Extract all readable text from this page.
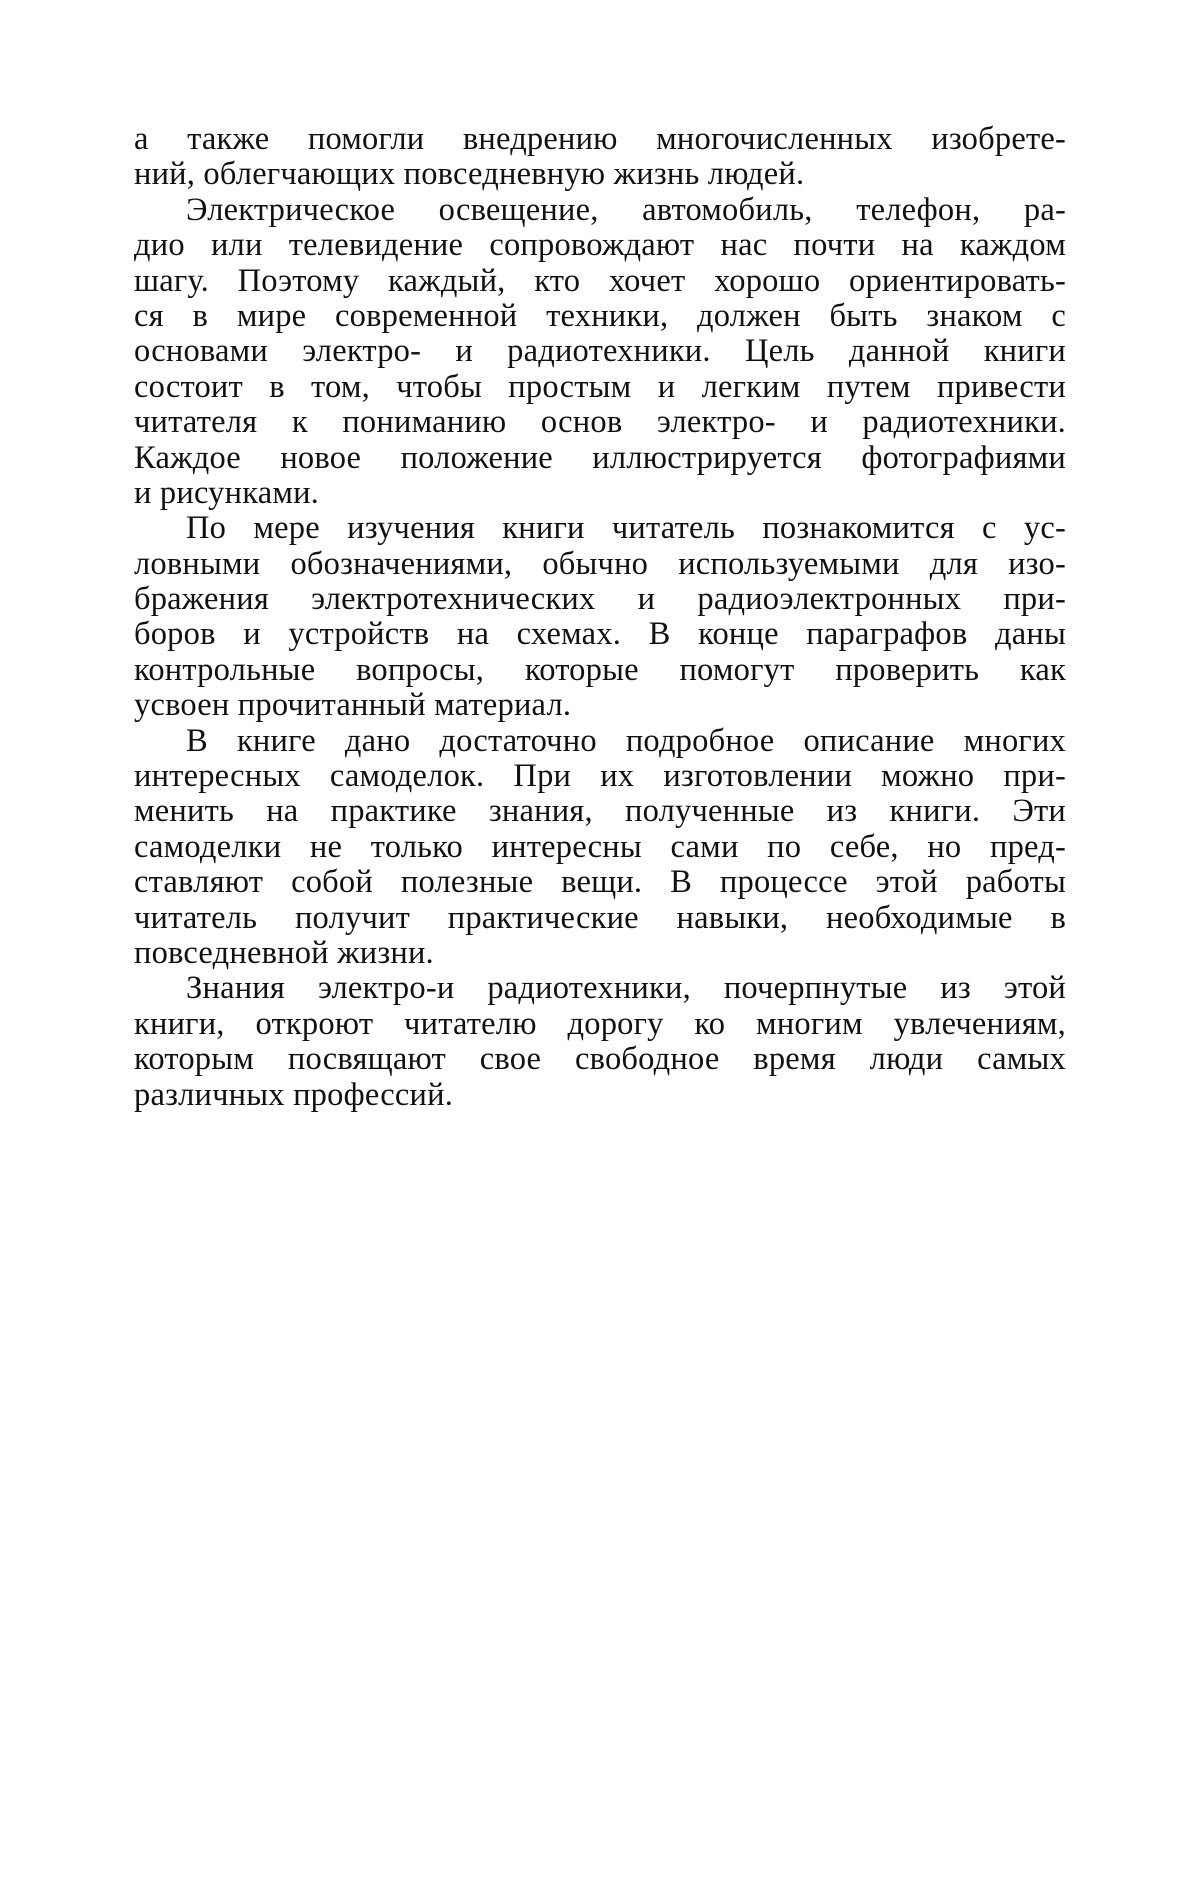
а также помогли внедрению многочисленных изобрете-
ний, облегчающих повседневную жизнь людей.

Электрическое освещение, автомобиль, телефон, ра-
дио или телевидение сопровождают нас почти на каждом
шагу. Поэтому каждый, кто хочет хорошо ориентировать-
ся в мире современной техники, должен быть знаком с
основами электро- и радиотехники. Цель данной книги
состоит в том, чтобы простым и легким путем привести
читателя к пониманию основ электро- и радиотехники.
Каждое новое положение иллюстрируется фотографиями
и рисунками.

По мере изучения книги читатель познакомится с ус-
ловными обозначениями, обычно используемыми для изо-
бражения электротехнических и радиоэлектронных при-
боров и устройств на схемах. В конце параграфов даны
контрольные вопросы, которые помогут проверить как
усвоен прочитанный материал.

В книге дано достаточно подробное описание многих
интересных самоделок. При их изготовлении можно при-
менить на практике знания, полученные из книги. Эти
самоделки не только интересны сами по себе, но пред-
ставляют собой полезные вещи. В процессе этой работы
читатель получит практические навыки, необходимые в
повседневной жизни.

Знания электро-и радиотехники, почерпнутые из этой
книги, откроют читателю дорогу ко многим увлечениям,
которым посвящают свое свободное время люди самых
различных профессий.
